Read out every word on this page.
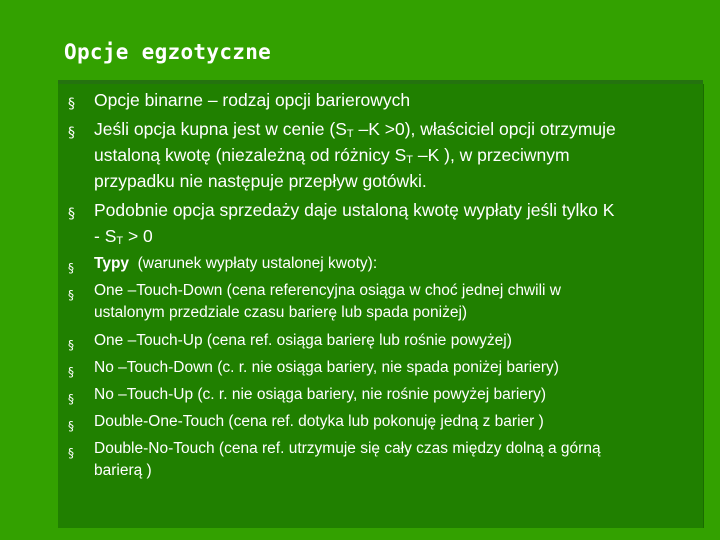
Opcje egzotyczne
§ Opcje binarne – rodzaj opcji barierowych
§ Jeśli opcja kupna jest w cenie ($S_T$ –K >0), właściciel opcji otrzymuje
ustaloną kwotę (niezależną od różnicy $S_T$ –K ), w przeciwnym
przypadku nie następuje przepływ gotówki.
§ Podobnie opcja sprzedaży daje ustaloną kwotę wypłaty jeśli tylko K
- $S_T > 0$
§ Typy  (warunek wypłaty ustalonej kwoty):
§ One –Touch-Down (cena referencyjna osiąga w choć jednej chwili w
ustalonym przedziale czasu barierę lub spada poniżej)
§ One –Touch-Up (cena ref. osiąga barierę lub rośnie powyżej)
§ No –Touch-Down (c. r. nie osiąga bariery, nie spada poniżej bariery)
§ No –Touch-Up (c. r. nie osiąga bariery, nie rośnie powyżej bariery)
§ Double-One-Touch (cena ref. dotyka lub pokonuję jedną z barier )
§ Double-No-Touch (cena ref. utrzymuje się cały czas między dolną a górną
barierą )
